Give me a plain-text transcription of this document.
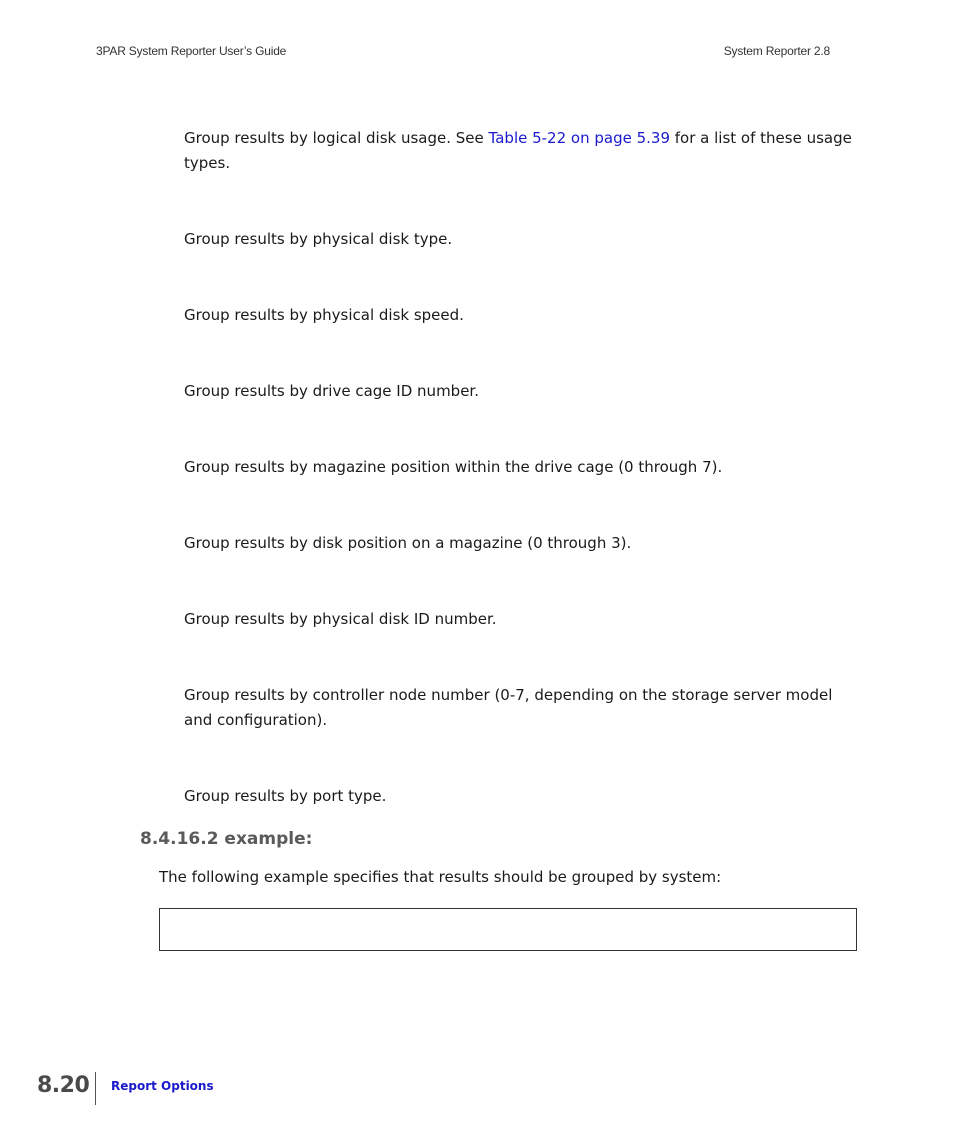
3PAR System Reporter User’s Guide	System Reporter 2.8
Group results by logical disk usage. See Table 5-22 on page 5.39 for a list of these usage types.
Group results by physical disk type.
Group results by physical disk speed.
Group results by drive cage ID number.
Group results by magazine position within the drive cage (0 through 7).
Group results by disk position on a magazine (0 through 3).
Group results by physical disk ID number.
Group results by controller node number (0-7, depending on the storage server model and configuration).
Group results by port type.
8.4.16.2 example:
The following example specifies that results should be grouped by system:
8.20 Report Options
